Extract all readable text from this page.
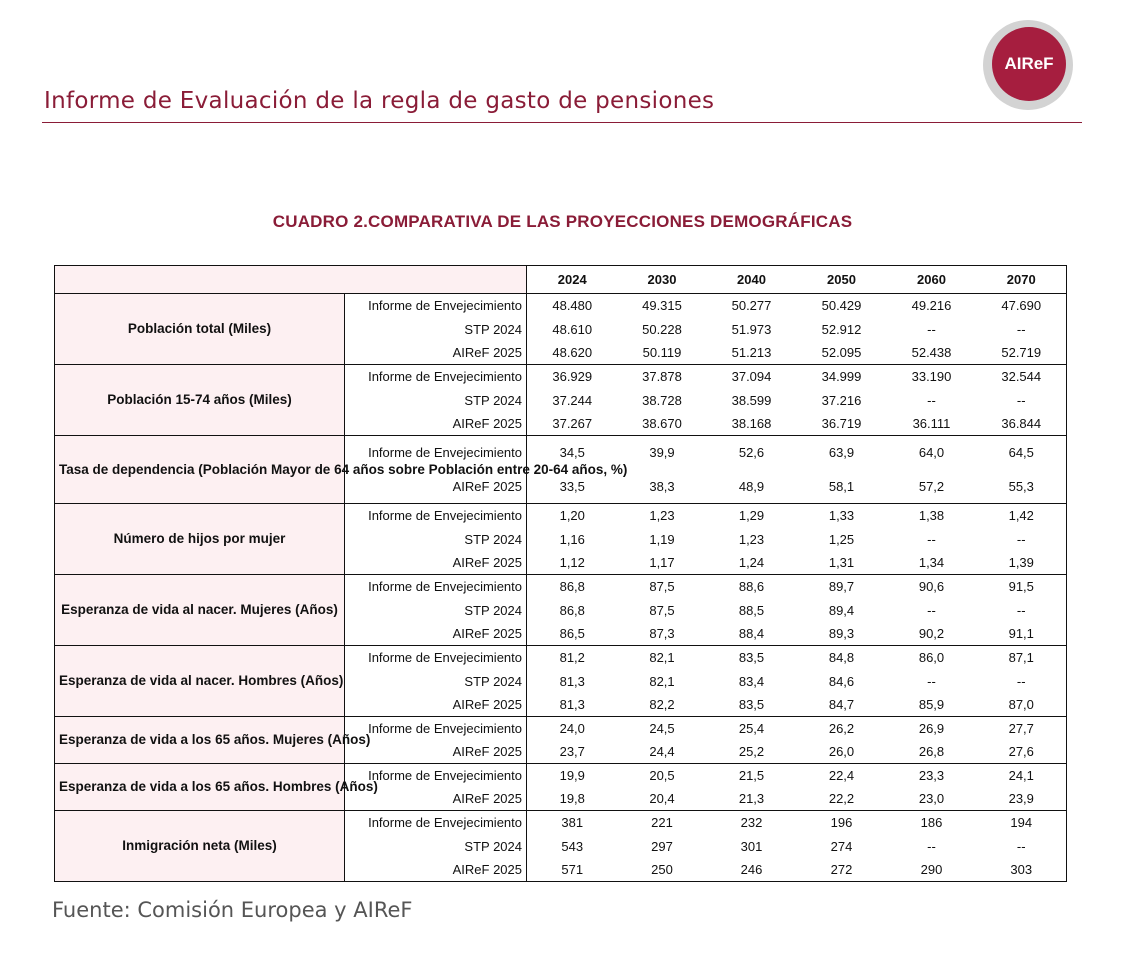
Informe de Evaluación de la regla de gasto de pensiones
AIReF
CUADRO 2.COMPARATIVA DE LAS PROYECCIONES DEMOGRÁFICAS
		2024	2030	2040	2050	2060	2070
Población total (Miles)	Informe de Envejecimiento	48.480	49.315	50.277	50.429	49.216	47.690
	STP 2024	48.610	50.228	51.973	52.912	--	--
	AIReF 2025	48.620	50.119	51.213	52.095	52.438	52.719
Población 15-74 años (Miles)	Informe de Envejecimiento	36.929	37.878	37.094	34.999	33.190	32.544
	STP 2024	37.244	38.728	38.599	37.216	--	--
	AIReF 2025	37.267	38.670	38.168	36.719	36.111	36.844
Tasa de dependencia (Población Mayor de 64 años sobre Población entre 20-64 años, %)	Informe de Envejecimiento	34,5	39,9	52,6	63,9	64,0	64,5
	AIReF 2025	33,5	38,3	48,9	58,1	57,2	55,3
Número de hijos por mujer	Informe de Envejecimiento	1,20	1,23	1,29	1,33	1,38	1,42
	STP 2024	1,16	1,19	1,23	1,25	--	--
	AIReF 2025	1,12	1,17	1,24	1,31	1,34	1,39
Esperanza de vida al nacer. Mujeres (Años)	Informe de Envejecimiento	86,8	87,5	88,6	89,7	90,6	91,5
	STP 2024	86,8	87,5	88,5	89,4	--	--
	AIReF 2025	86,5	87,3	88,4	89,3	90,2	91,1
Esperanza de vida al nacer. Hombres (Años)	Informe de Envejecimiento	81,2	82,1	83,5	84,8	86,0	87,1
	STP 2024	81,3	82,1	83,4	84,6	--	--
	AIReF 2025	81,3	82,2	83,5	84,7	85,9	87,0
Esperanza de vida a los 65 años. Mujeres (Años)	Informe de Envejecimiento	24,0	24,5	25,4	26,2	26,9	27,7
	AIReF 2025	23,7	24,4	25,2	26,0	26,8	27,6
Esperanza de vida a los 65 años. Hombres (Años)	Informe de Envejecimiento	19,9	20,5	21,5	22,4	23,3	24,1
	AIReF 2025	19,8	20,4	21,3	22,2	23,0	23,9
Inmigración neta (Miles)	Informe de Envejecimiento	381	221	232	196	186	194
	STP 2024	543	297	301	274	--	--
	AIReF 2025	571	250	246	272	290	303
Fuente: Comisión Europea y AIReF
